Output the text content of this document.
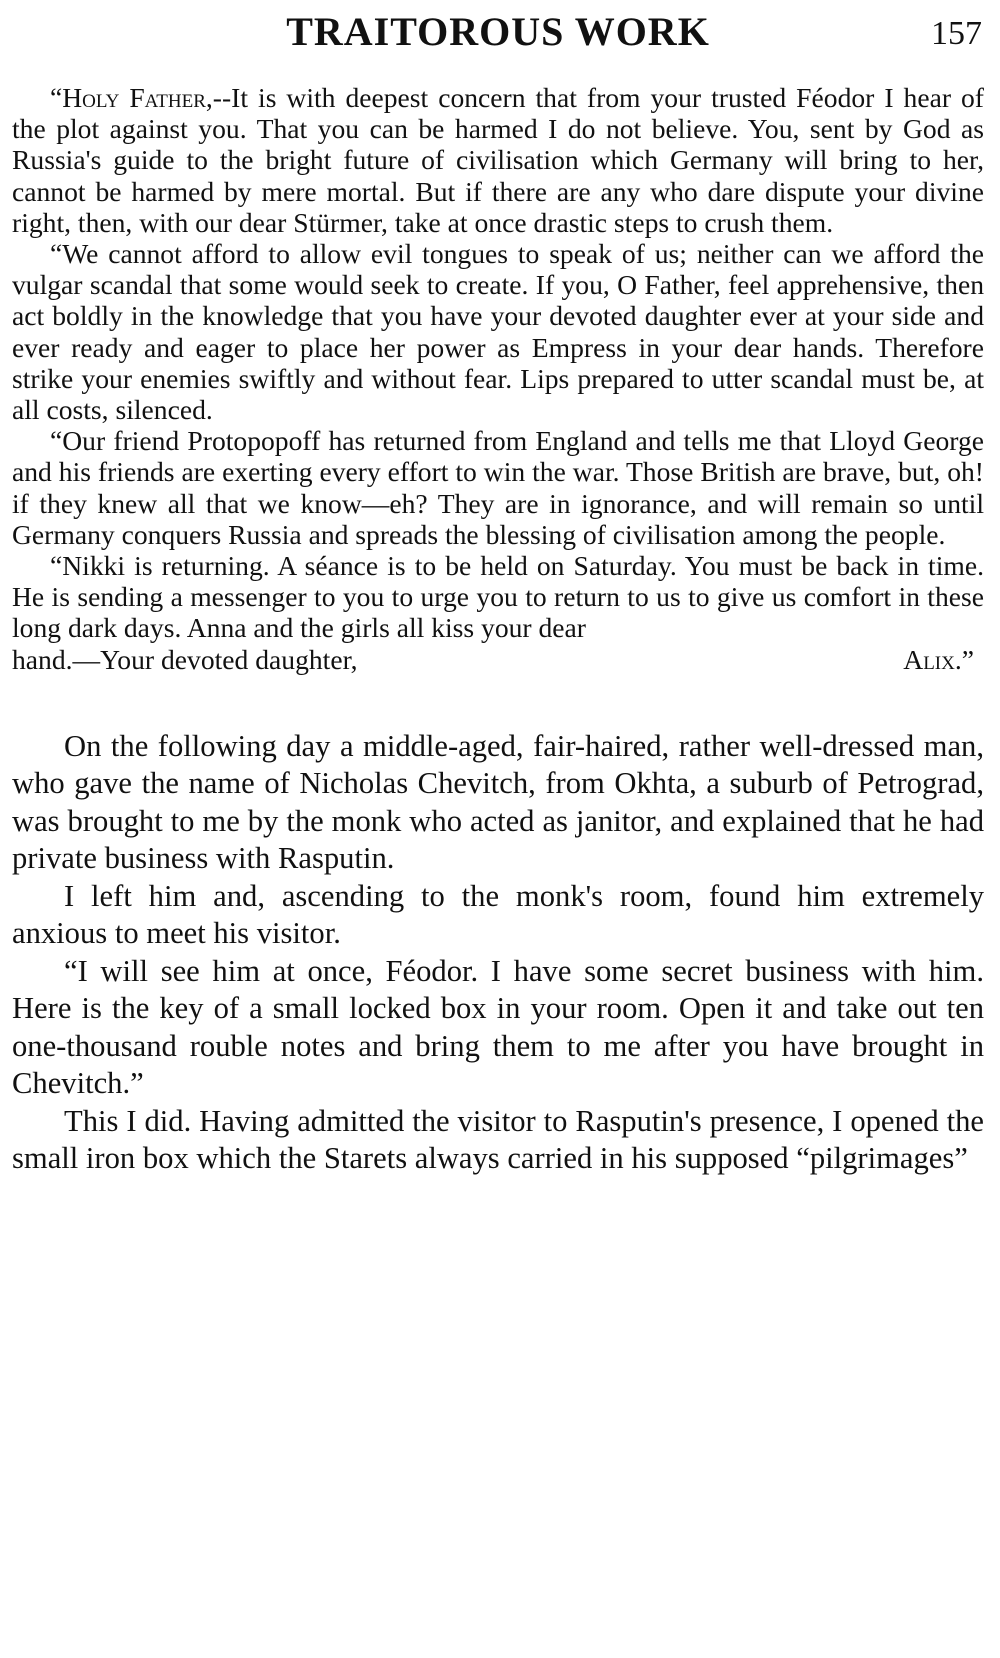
TRAITOROUS WORK	157

“Holy Father,--It is with deepest concern that from your trusted Féodor I hear of the plot against you. That you can be harmed I do not believe. You, sent by God as Russia's guide to the bright future of civilisation which Germany will bring to her, cannot be harmed by mere mortal. But if there are any who dare dispute your divine right, then, with our dear Stürmer, take at once drastic steps to crush them.

“We cannot afford to allow evil tongues to speak of us; neither can we afford the vulgar scandal that some would seek to create. If you, O Father, feel apprehensive, then act boldly in the knowledge that you have your devoted daughter ever at your side and ever ready and eager to place her power as Empress in your dear hands. Therefore strike your enemies swiftly and without fear. Lips prepared to utter scandal must be, at all costs, silenced.

“Our friend Protopopoff has returned from England and tells me that Lloyd George and his friends are exerting every effort to win the war. Those British are brave, but, oh! if they knew all that we know—eh? They are in ignorance, and will remain so until Germany conquers Russia and spreads the blessing of civilisation among the people.

“Nikki is returning. A séance is to be held on Saturday. You must be back in time. He is sending a messenger to you to urge you to return to us to give us comfort in these long dark days. Anna and the girls all kiss your dear

hand.—Your devoted daughter,	Alix.”

On the following day a middle-aged, fair-haired, rather well-dressed man, who gave the name of Nicholas Chevitch, from Okhta, a suburb of Petrograd, was brought to me by the monk who acted as janitor, and explained that he had private business with Rasputin.

I left him and, ascending to the monk's room, found him extremely anxious to meet his visitor.

“I will see him at once, Féodor. I have some secret business with him. Here is the key of a small locked box in your room. Open it and take out ten one-thousand rouble notes and bring them to me after you have brought in Chevitch.”

This I did. Having admitted the visitor to Rasputin's presence, I opened the small iron box which the Starets always carried in his supposed “pilgrimages”
